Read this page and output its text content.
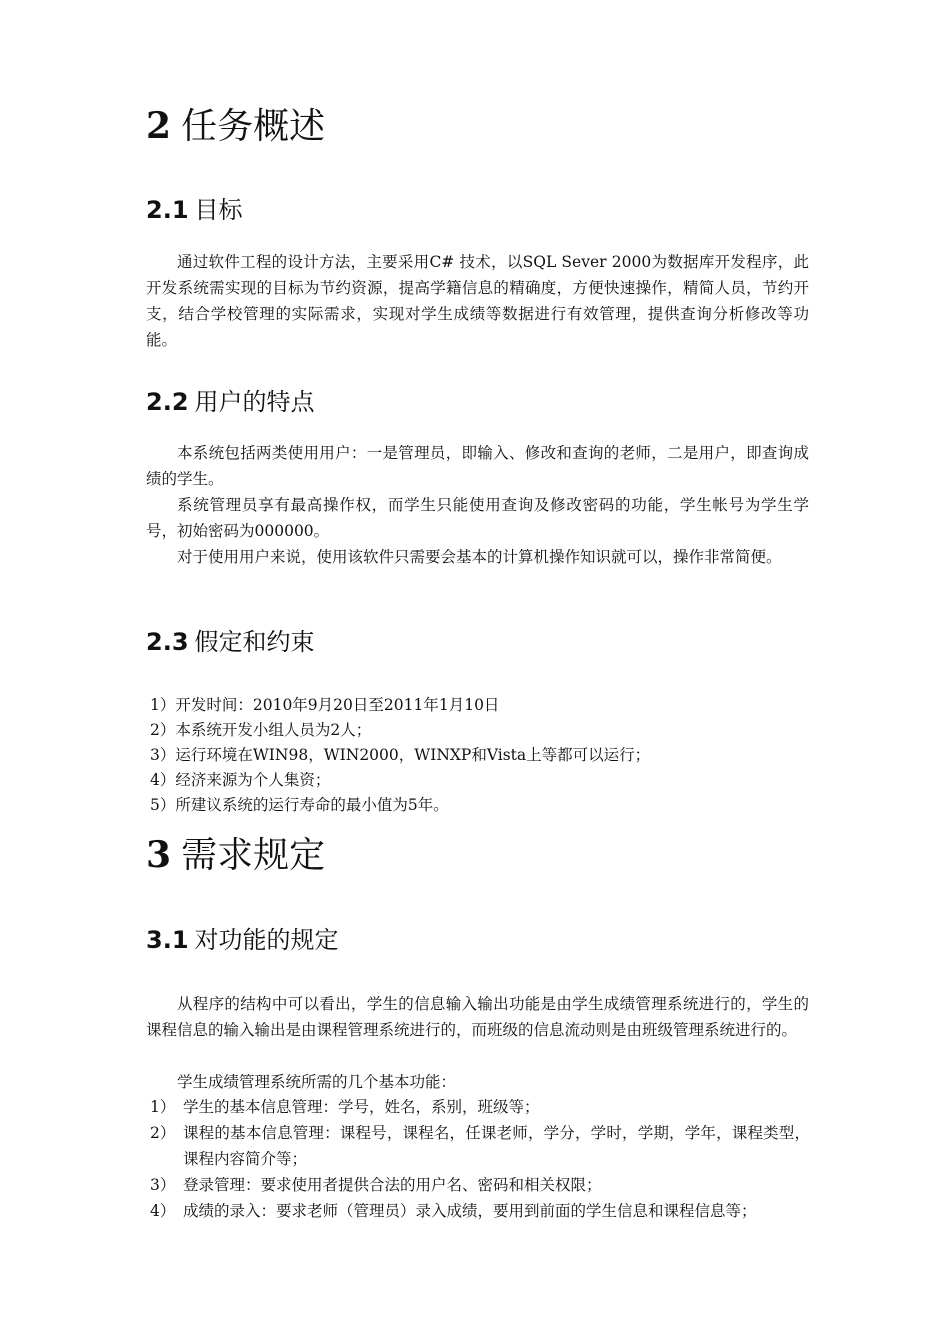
2 任务概述
2.1 目标

通过软件工程的设计方法，主要采用C# 技术，以SQL Sever 2000为数据库开发程序，此开发系统需实现的目标为节约资源，提高学籍信息的精确度，方便快速操作，精简人员，节约开支，结合学校管理的实际需求，实现对学生成绩等数据进行有效管理，提供查询分析修改等功能。

2.2 用户的特点

本系统包括两类使用用户：一是管理员，即输入、修改和查询的老师，二是用户，即查询成绩的学生。

系统管理员享有最高操作权，而学生只能使用查询及修改密码的功能，学生帐号为学生学号，初始密码为000000。

对于使用用户来说，使用该软件只需要会基本的计算机操作知识就可以，操作非常简便。

2.3 假定和约束
1）开发时间：2010年9月20日至2011年1月10日
2）本系统开发小组人员为2人；
3）运行环境在WIN98，WIN2000，WINXP和Vista上等都可以运行；
4）经济来源为个人集资；
5）所建议系统的运行寿命的最小值为5年。
3 需求规定
3.1 对功能的规定

从程序的结构中可以看出，学生的信息输入输出功能是由学生成绩管理系统进行的，学生的课程信息的输入输出是由课程管理系统进行的，而班级的信息流动则是由班级管理系统进行的。

学生成绩管理系统所需的几个基本功能：

1） 学生的基本信息管理：学号，姓名，系别，班级等；
2） 课程的基本信息管理：课程号，课程名，任课老师，学分，学时，学期，学年，课程类型，课程内容简介等；
3） 登录管理：要求使用者提供合法的用户名、密码和相关权限；
4） 成绩的录入：要求老师（管理员）录入成绩，要用到前面的学生信息和课程信息等；
